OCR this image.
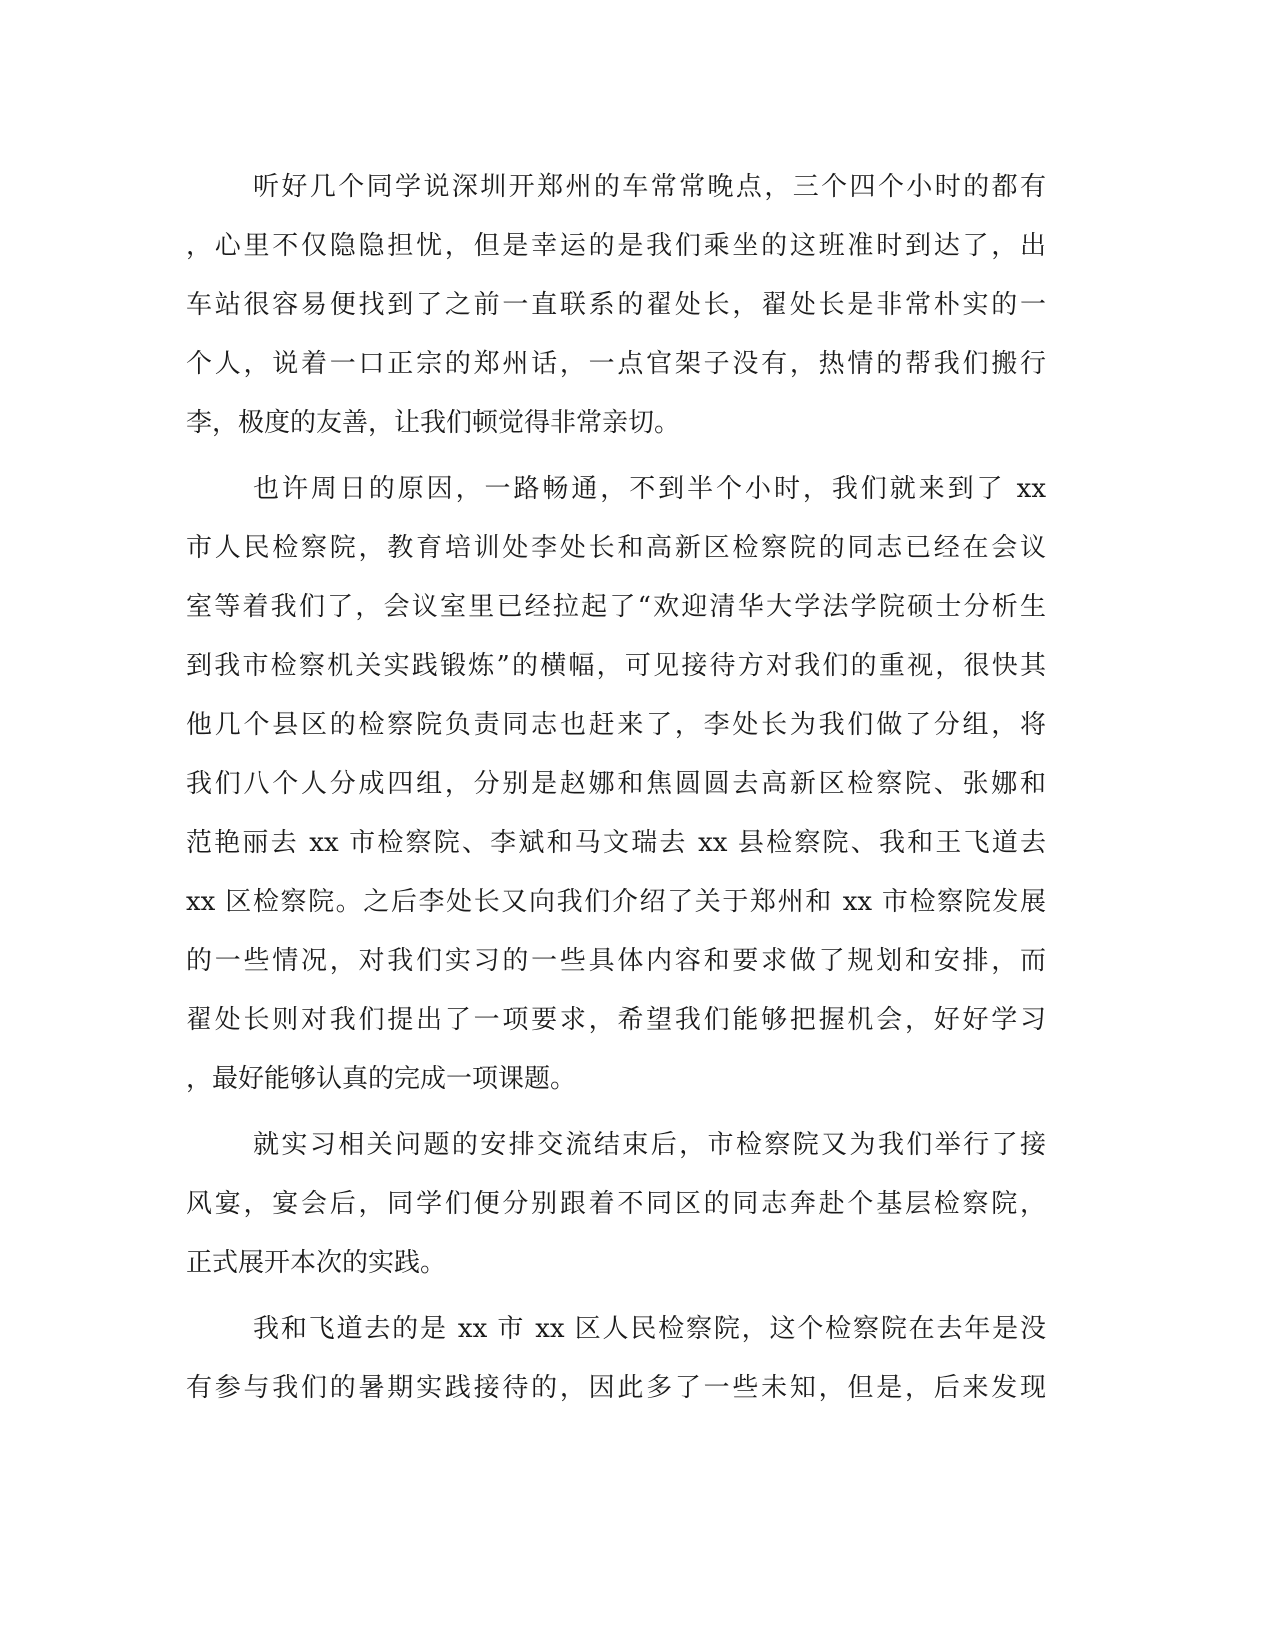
听好几个同学说深圳开郑州的车常常晚点，三个四个小时的都有
，心里不仅隐隐担忧，但是幸运的是我们乘坐的这班准时到达了，出
车站很容易便找到了之前一直联系的翟处长，翟处长是非常朴实的一
个人，说着一口正宗的郑州话，一点官架子没有，热情的帮我们搬行
李，极度的友善，让我们顿觉得非常亲切。
也许周日的原因，一路畅通，不到半个小时，我们就来到了 xx
市人民检察院，教育培训处李处长和高新区检察院的同志已经在会议
室等着我们了，会议室里已经拉起了“欢迎清华大学法学院硕士分析生
到我市检察机关实践锻炼”的横幅，可见接待方对我们的重视，很快其
他几个县区的检察院负责同志也赶来了，李处长为我们做了分组，将
我们八个人分成四组，分别是赵娜和焦圆圆去高新区检察院、张娜和
范艳丽去 xx 市检察院、李斌和马文瑞去 xx 县检察院、我和王飞道去
xx 区检察院。之后李处长又向我们介绍了关于郑州和 xx 市检察院发展
的一些情况，对我们实习的一些具体内容和要求做了规划和安排，而
翟处长则对我们提出了一项要求，希望我们能够把握机会，好好学习
，最好能够认真的完成一项课题。
就实习相关问题的安排交流结束后，市检察院又为我们举行了接
风宴，宴会后，同学们便分别跟着不同区的同志奔赴个基层检察院，
正式展开本次的实践。
我和飞道去的是 xx 市 xx 区人民检察院，这个检察院在去年是没
有参与我们的暑期实践接待的，因此多了一些未知，但是，后来发现
